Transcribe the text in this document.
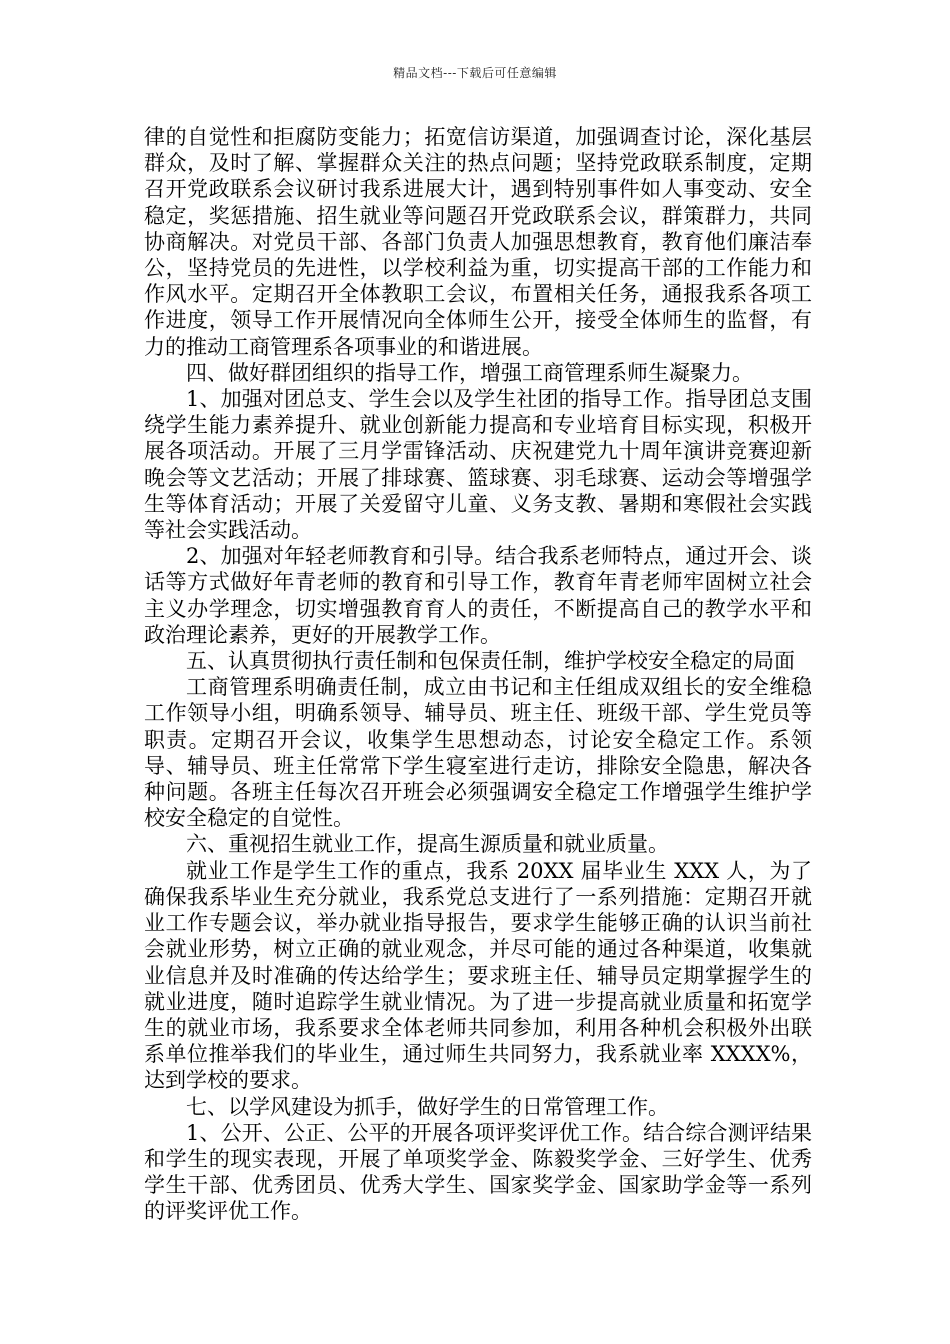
精品文档---下载后可任意编辑

律的自觉性和拒腐防变能力；拓宽信访渠道，加强调查讨论，深化基层群众，及时了解、掌握群众关注的热点问题；坚持党政联系制度，定期召开党政联系会议研讨我系进展大计，遇到特别事件如人事变动、安全稳定，奖惩措施、招生就业等问题召开党政联系会议，群策群力，共同协商解决。对党员干部、各部门负责人加强思想教育，教育他们廉洁奉公，坚持党员的先进性，以学校利益为重，切实提高干部的工作能力和作风水平。定期召开全体教职工会议，布置相关任务，通报我系各项工作进度，领导工作开展情况向全体师生公开，接受全体师生的监督，有力的推动工商管理系各项事业的和谐进展。

四、做好群团组织的指导工作，增强工商管理系师生凝聚力。

1、加强对团总支、学生会以及学生社团的指导工作。指导团总支围绕学生能力素养提升、就业创新能力提高和专业培育目标实现，积极开展各项活动。开展了三月学雷锋活动、庆祝建党九十周年演讲竞赛迎新晚会等文艺活动；开展了排球赛、篮球赛、羽毛球赛、运动会等增强学生等体育活动；开展了关爱留守儿童、义务支教、暑期和寒假社会实践等社会实践活动。

2、加强对年轻老师教育和引导。结合我系老师特点，通过开会、谈话等方式做好年青老师的教育和引导工作，教育年青老师牢固树立社会主义办学理念，切实增强教育育人的责任，不断提高自己的教学水平和政治理论素养，更好的开展教学工作。

五、认真贯彻执行责任制和包保责任制，维护学校安全稳定的局面

工商管理系明确责任制，成立由书记和主任组成双组长的安全维稳工作领导小组，明确系领导、辅导员、班主任、班级干部、学生党员等职责。定期召开会议，收集学生思想动态，讨论安全稳定工作。系领导、辅导员、班主任常常下学生寝室进行走访，排除安全隐患，解决各种问题。各班主任每次召开班会必须强调安全稳定工作增强学生维护学校安全稳定的自觉性。

六、重视招生就业工作，提高生源质量和就业质量。

就业工作是学生工作的重点，我系 20XX 届毕业生 XXX 人，为了确保我系毕业生充分就业，我系党总支进行了一系列措施：定期召开就业工作专题会议，举办就业指导报告，要求学生能够正确的认识当前社会就业形势，树立正确的就业观念，并尽可能的通过各种渠道，收集就业信息并及时准确的传达给学生；要求班主任、辅导员定期掌握学生的就业进度，随时追踪学生就业情况。为了进一步提高就业质量和拓宽学生的就业市场，我系要求全体老师共同参加，利用各种机会积极外出联系单位推举我们的毕业生，通过师生共同努力，我系就业率 XXXX%，达到学校的要求。

七、以学风建设为抓手，做好学生的日常管理工作。

1、公开、公正、公平的开展各项评奖评优工作。结合综合测评结果和学生的现实表现，开展了单项奖学金、陈毅奖学金、三好学生、优秀学生干部、优秀团员、优秀大学生、国家奖学金、国家助学金等一系列的评奖评优工作。
